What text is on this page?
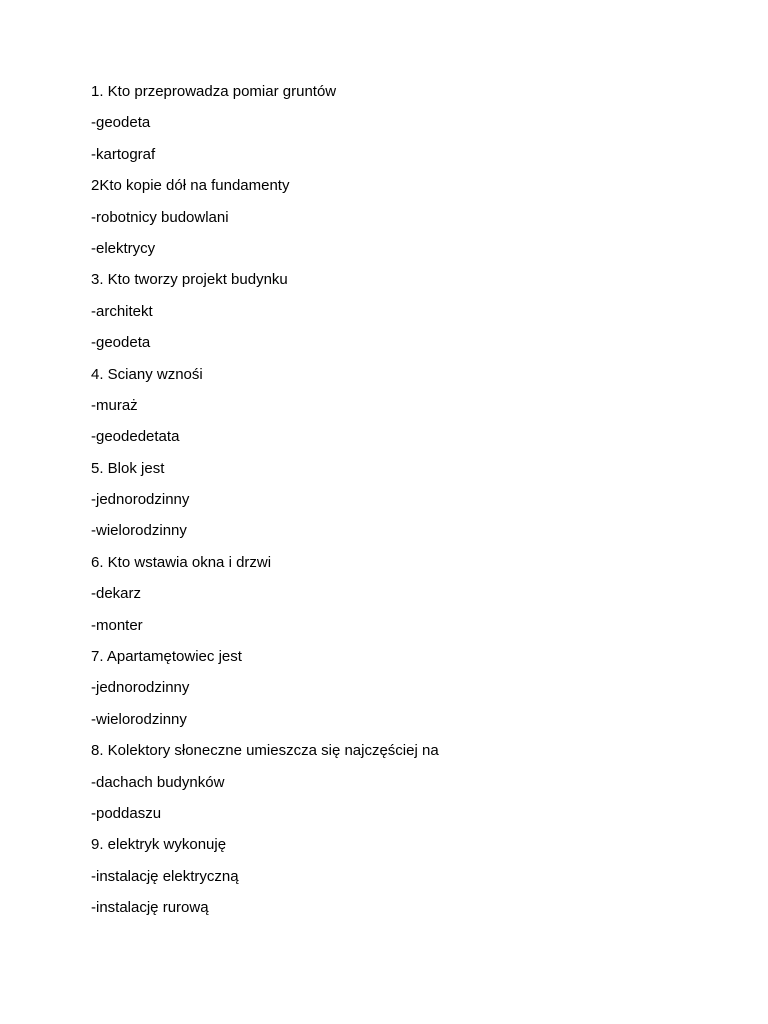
1. Kto przeprowadza pomiar gruntów
-geodeta
-kartograf
2Kto kopie dół na fundamenty
-robotnicy budowlani
-elektrycy
3. Kto tworzy projekt budynku
-architekt
-geodeta
4. Sciany wznośi
-muraż
-geodedetata
5. Blok jest
-jednorodzinny
-wielorodzinny
6. Kto wstawia okna i drzwi
-dekarz
-monter
7. Apartamętowiec jest
-jednorodzinny
-wielorodzinny
8. Kolektory słoneczne umieszcza się najczęściej na
-dachach budynków
-poddaszu
9. elektryk wykonuję
-instalację elektryczną
-instalację rurową
